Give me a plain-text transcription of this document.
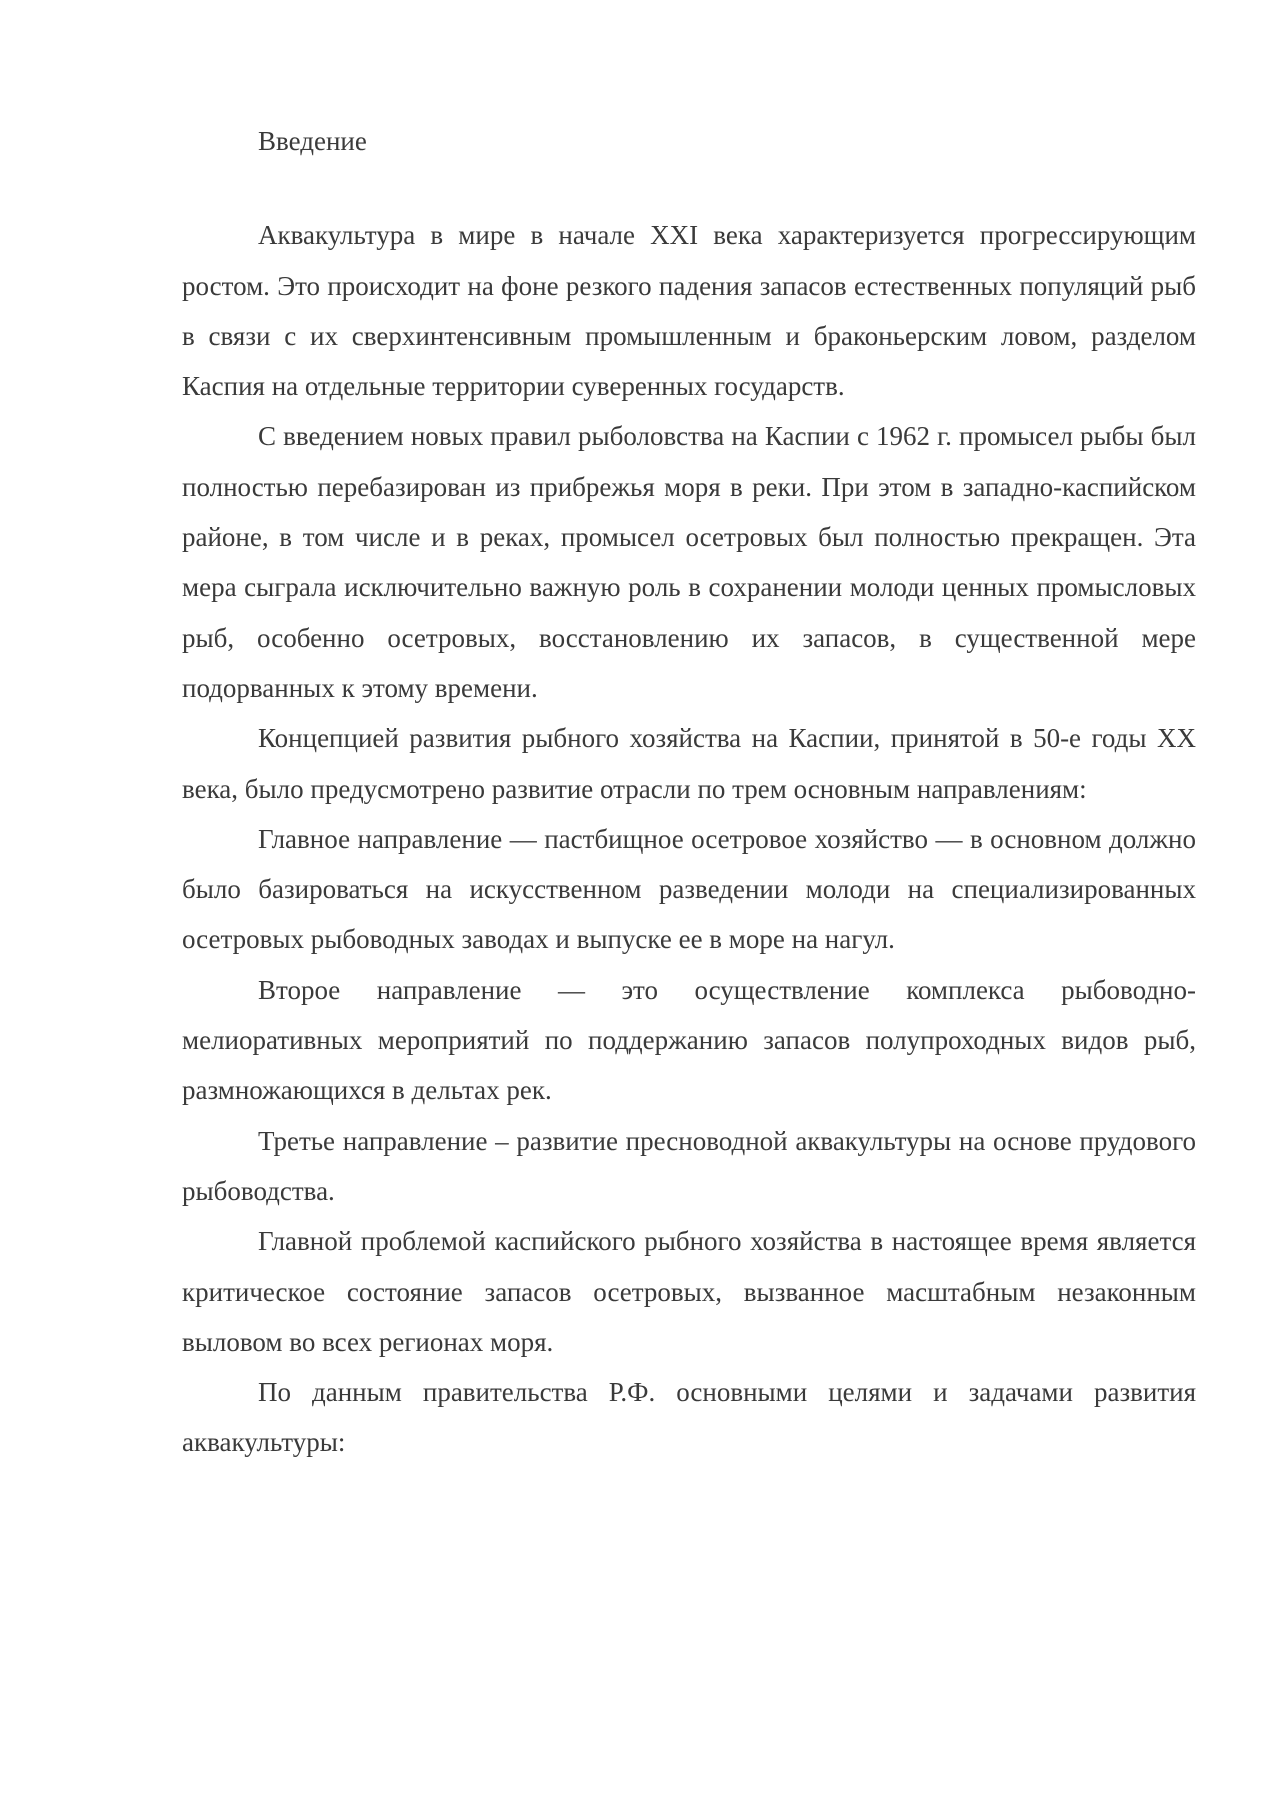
Введение

Аквакультура в мире в начале XXI века характеризуется прогрессирующим ростом. Это происходит на фоне резкого падения запасов естественных популяций рыб в связи с их сверхинтенсивным промышленным и браконьерским ловом, разделом Каспия на отдельные территории суверенных государств.

С введением новых правил рыболовства на Каспии с 1962 г. промысел рыбы был полностью перебазирован из прибрежья моря в реки. При этом в западно-каспийском районе, в том числе и в реках, промысел осетровых был полностью прекращен. Эта мера сыграла исключительно важную роль в сохранении молоди ценных промысловых рыб, особенно осетровых, восстановлению их запасов, в существенной мере подорванных к этому времени.

Концепцией развития рыбного хозяйства на Каспии, принятой в 50-е годы XX века, было предусмотрено развитие отрасли по трем основным направлениям:

Главное направление — пастбищное осетровое хозяйство — в основном должно было базироваться на искусственном разведении молоди на специализированных осетровых рыбоводных заводах и выпуске ее в море на нагул.

Второе направление — это осуществление комплекса рыбоводно-мелиоративных мероприятий по поддержанию запасов полупроходных видов рыб, размножающихся в дельтах рек.

Третье направление – развитие пресноводной аквакультуры на основе прудового рыбоводства.

Главной проблемой каспийского рыбного хозяйства в настоящее время является критическое состояние запасов осетровых, вызванное масштабным незаконным выловом во всех регионах моря.

По данным правительства Р.Ф. основными целями и задачами развития аквакультуры:
